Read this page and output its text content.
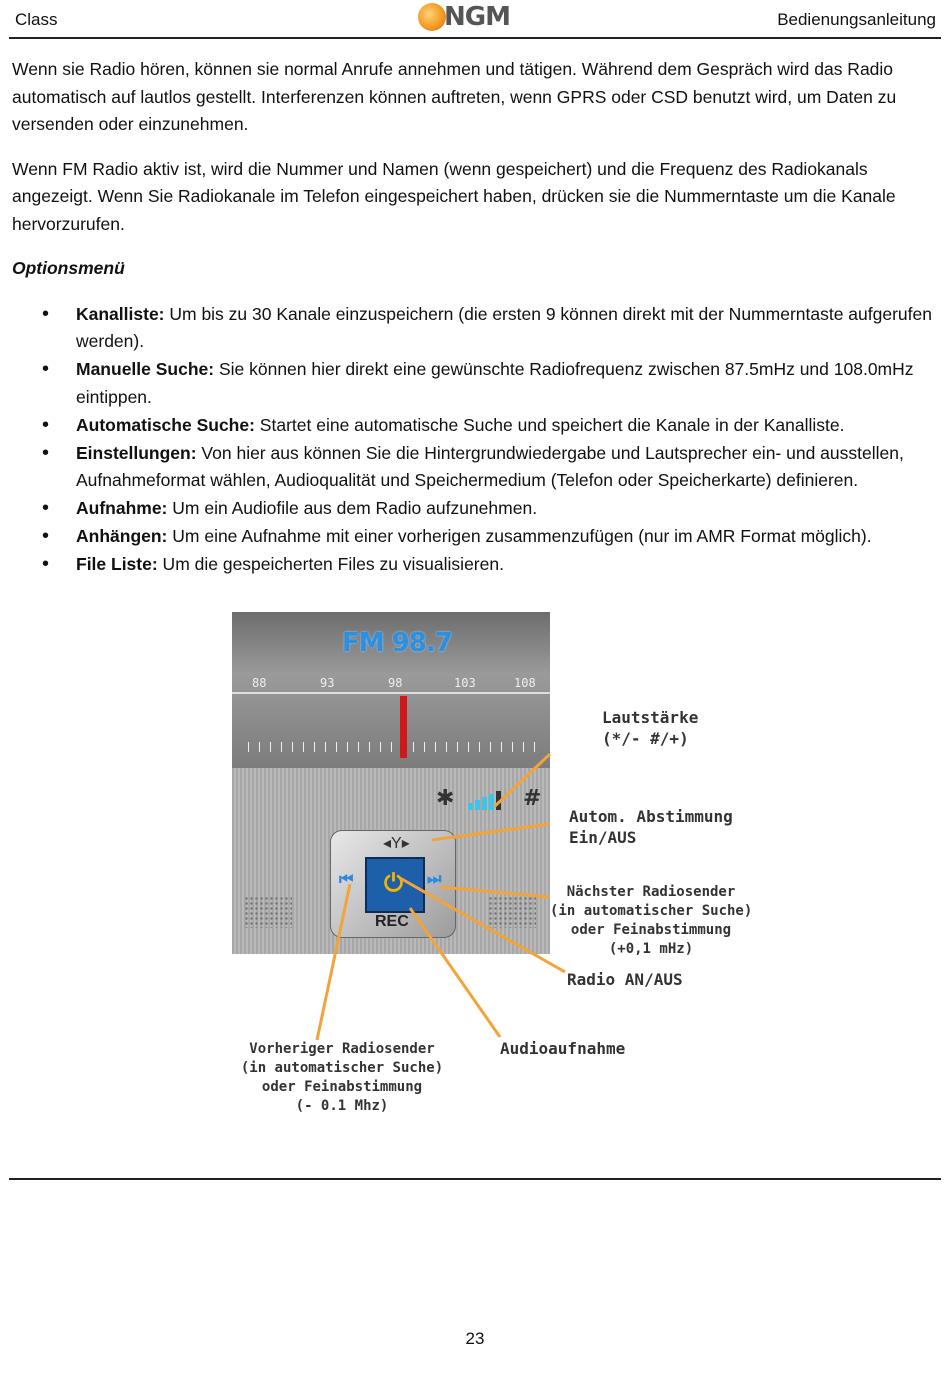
Class	NGM	Bedienungsanleitung

Wenn sie Radio hören, können sie normal Anrufe annehmen und tätigen. Während dem Gespräch wird das Radio automatisch auf lautlos gestellt. Interferenzen können auftreten, wenn GPRS oder CSD benutzt wird, um Daten zu versenden oder einzunehmen.

Wenn FM Radio aktiv ist, wird die Nummer und Namen (wenn gespeichert) und die Frequenz des Radiokanals angezeigt. Wenn Sie Radiokanale im Telefon eingespeichert haben, drücken sie die Nummerntaste um die Kanale hervorzurufen.

Optionsmenü
• Kanalliste: Um bis zu 30 Kanale einzuspeichern (die ersten 9 können direkt mit der Nummerntaste aufgerufen werden).
• Manuelle Suche: Sie können hier direkt eine gewünschte Radiofrequenz zwischen 87.5mHz und 108.0mHz eintippen.
• Automatische Suche: Startet eine automatische Suche und speichert die Kanale in der Kanalliste.
• Einstellungen: Von hier aus können Sie die Hintergrundwiedergabe und Lautsprecher ein- und ausstellen, Aufnahmeformat wählen, Audioqualität und Speichermedium (Telefon oder Speicherkarte) definieren.
• Aufnahme: Um ein Audiofile aus dem Radio aufzunehmen.
• Anhängen: Um eine Aufnahme mit einer vorherigen zusammenzufügen (nur im AMR Format möglich).
• File Liste: Um die gespeicherten Files zu visualisieren.
FM 98.7
88	93	98	103	108
✱	#
◂Y▸
⏮ ⏻ ⏭
REC
Lautstärke
(*/- #/+)
Autom. Abstimmung
Ein/AUS
Nächster Radiosender
(in automatischer Suche)
oder Feinabstimmung
(+0,1 mHz)
Radio AN/AUS
Audioaufnahme
Vorheriger Radiosender
(in automatischer Suche)
oder Feinabstimmung
(- 0.1 Mhz)
23
